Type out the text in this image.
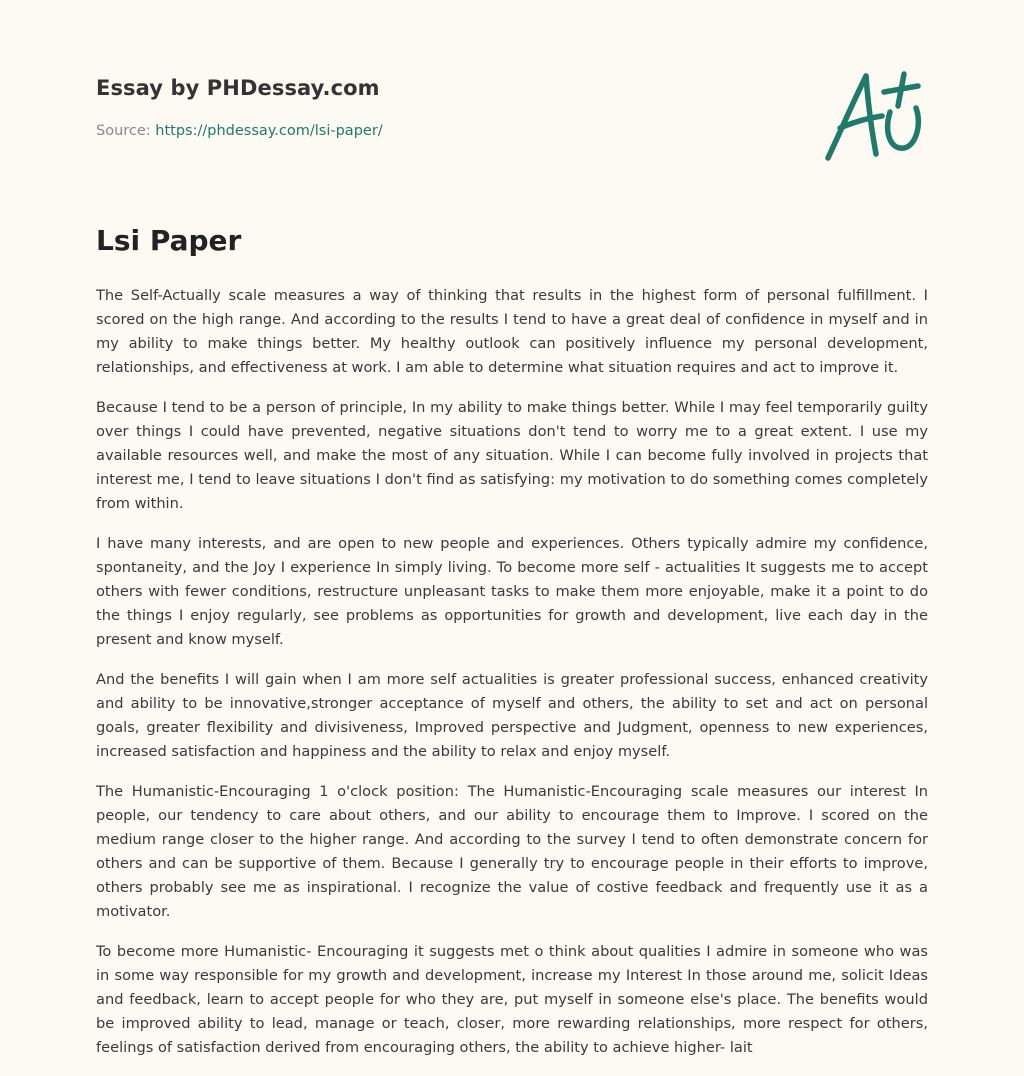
Essay by PHDessay.com
Source: https://phdessay.com/lsi-paper/
Lsi Paper

The Self-Actually scale measures a way of thinking that results in the highest form of personal fulfillment. I scored on the high range. And according to the results I tend to have a great deal of confidence in myself and in my ability to make things better. My healthy outlook can positively influence my personal development, relationships, and effectiveness at work. I am able to determine what situation requires and act to improve it.

Because I tend to be a person of principle, In my ability to make things better. While I may feel temporarily guilty over things I could have prevented, negative situations don't tend to worry me to a great extent. I use my available resources well, and make the most of any situation. While I can become fully involved in projects that interest me, I tend to leave situations I don't find as satisfying: my motivation to do something comes completely from within.

I have many interests, and are open to new people and experiences. Others typically admire my confidence, spontaneity, and the Joy I experience In simply living. To become more self - actualities It suggests me to accept others with fewer conditions, restructure unpleasant tasks to make them more enjoyable, make it a point to do the things I enjoy regularly, see problems as opportunities for growth and development, live each day in the present and know myself.

And the benefits I will gain when I am more self actualities is greater professional success, enhanced creativity and ability to be innovative,stronger acceptance of myself and others, the ability to set and act on personal goals, greater flexibility and divisiveness, Improved perspective and Judgment, openness to new experiences, increased satisfaction and happiness and the ability to relax and enjoy myself.

The Humanistic-Encouraging 1 o'clock position: The Humanistic-Encouraging scale measures our interest In people, our tendency to care about others, and our ability to encourage them to Improve. I scored on the medium range closer to the higher range. And according to the survey I tend to often demonstrate concern for others and can be supportive of them. Because I generally try to encourage people in their efforts to improve, others probably see me as inspirational. I recognize the value of costive feedback and frequently use it as a motivator.

To become more Humanistic- Encouraging it suggests met o think about qualities I admire in someone who was in some way responsible for my growth and development, increase my Interest In those around me, solicit Ideas and feedback, learn to accept people for who they are, put myself in someone else's place. The benefits would be improved ability to lead, manage or teach, closer, more rewarding relationships, more respect for others, feelings of satisfaction derived from encouraging others, the ability to achieve higher- lait
